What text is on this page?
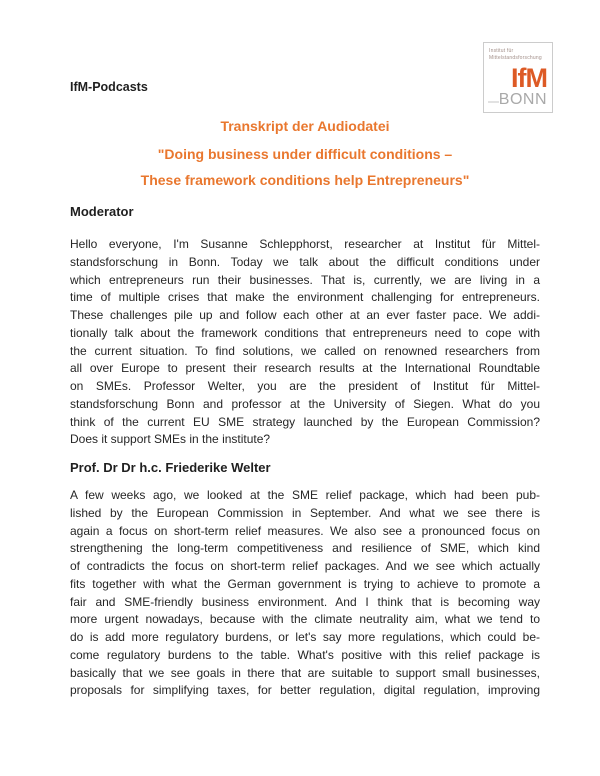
IfM-Podcasts
Institut für
Mittelstandsforschung
IfM
BONN
Transkript der Audiodatei
"Doing business under difficult conditions –
These framework conditions help Entrepreneurs"
Moderator
Hello everyone, I'm Susanne Schlepphorst, researcher at Institut für Mittel-
standsforschung in Bonn. Today we talk about the difficult conditions under
which entrepreneurs run their businesses. That is, currently, we are living in a
time of multiple crises that make the environment challenging for entrepreneurs.
These challenges pile up and follow each other at an ever faster pace. We addi-
tionally talk about the framework conditions that entrepreneurs need to cope with
the current situation. To find solutions, we called on renowned researchers from
all over Europe to present their research results at the International Roundtable
on SMEs. Professor Welter, you are the president of Institut für Mittel-
standsforschung Bonn and professor at the University of Siegen. What do you
think of the current EU SME strategy launched by the European Commission?
Does it support SMEs in the institute?
Prof. Dr Dr h.c. Friederike Welter
A few weeks ago, we looked at the SME relief package, which had been pub-
lished by the European Commission in September. And what we see there is
again a focus on short-term relief measures. We also see a pronounced focus on
strengthening the long-term competitiveness and resilience of SME, which kind
of contradicts the focus on short-term relief packages. And we see which actually
fits together with what the German government is trying to achieve to promote a
fair and SME-friendly business environment. And I think that is becoming way
more urgent nowadays, because with the climate neutrality aim, what we tend to
do is add more regulatory burdens, or let's say more regulations, which could be-
come regulatory burdens to the table. What's positive with this relief package is
basically that we see goals in there that are suitable to support small businesses,
proposals for simplifying taxes, for better regulation, digital regulation, improving
